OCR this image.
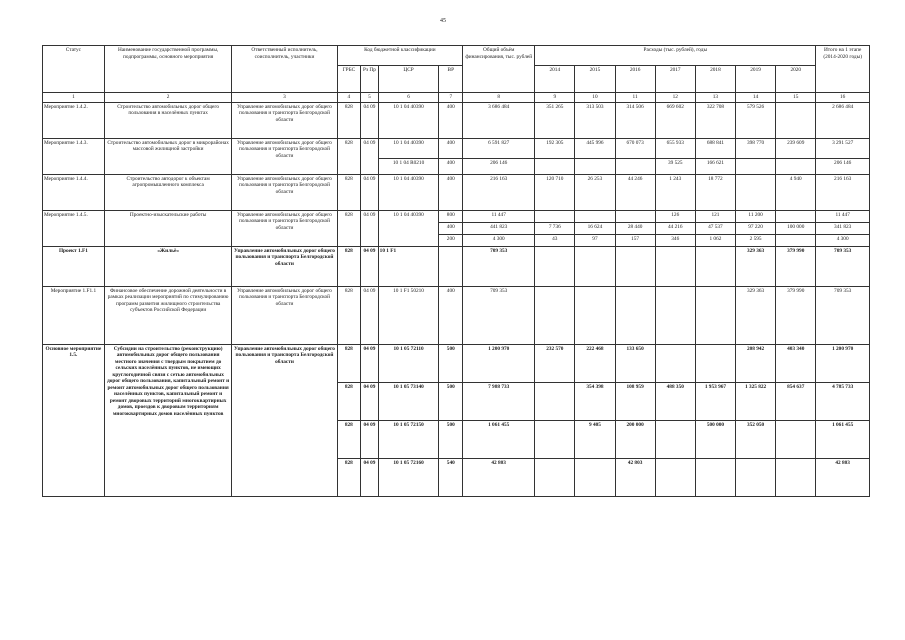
45
Статус	Наименование государственной программы, подпрограммы, основного мероприятия	Ответственный исполнитель, соисполнитель, участники	Код бюджетной классификации				Общий объём финансирования, тыс. рублей	Расходы (тыс. рублей), годы							Итого на 1 этапе (2014-2020 годы)
			ГРБС	Рз Пр	ЦСР	ВР		2014	2015	2016	2017	2018	2019	2020	
1	2	3	4	5	6	7	8	9	10	11	12	13	14	15	16
Мероприятие 1.4.2.	Строительство автомобильных дорог общего пользования в населённых пунктах	Управление автомобильных дорог общего пользования и транспорта Белгородской области	828	04 09	10 1 04 40390	400	3 686 484	351 265	313 503	314 506	669 602	322 708	579 526		2 686 484
Мероприятие 1.4.3.	Строительство автомобильных дорог в микрорайонах массовой жилищной застройки	Управление автомобильных дорог общего пользования и транспорта Белгородской области	828	04 09	10 1 04 40390	400	6 591 827	192 305	445 996	670 073	655 933	688 841	398 770	239 609	3 291 527
					10 1 04 R0210	400	206 146				39 525	166 621			206 146
Мероприятие 1.4.4.	Строительство автодорог к объектам агропромышленного комплекса	Управление автомобильных дорог общего пользования и транспорта Белгородской области	828	04 09	10 1 04 40390	400	216 163	120 710	26 253	44 246	1 243	18 772		4 940	216 163
Мероприятие 1.4.5.	Проектно-изыскательские работы	Управление автомобильных дорог общего пользования и транспорта Белгородской области	828	04 09	10 1 04 40390	800	11 447				126	121	11 200		11 447
						400	441 823	7 736	16 624	28 440	44 216	47 537	97 220	100 000	341 823
						200	4 300	43	97	157	346	1 062	2 595		4 300
Проект 1.F1	«Жильё»	Управление автомобильных дорог общего пользования и транспорта Белгородской области	828	04 09	10 1 F1		709 353						329 363	379 990	709 353
Мероприятие 1.F1.1	Финансовое обеспечение дорожной деятельности в рамках реализации мероприятий по стимулированию программ развития жилищного строительства субъектов Российской Федерации	Управление автомобильных дорог общего пользования и транспорта Белгородской области	828	04 09	10 1 F1 50210	400	709 353						329 363	379 990	709 353
Основное мероприятие 1.5.	Субсидии на строительство (реконструкцию) автомобильных дорог общего пользования местного значения с твердым покрытием до сельских населённых пунктов, не имеющих круглогодичной связи с сетью автомобильных дорог общего пользования, капитальный ремонт и ремонт автомобильных дорог общего пользования населённых пунктов, капитальный ремонт и ремонт дворовых территорий многоквартирных домов, проездов к дворовым территориям многоквартирных домов населённых пунктов	Управление автомобильных дорог общего пользования и транспорта Белгородской области	828	04 09	10 1 05 72110	500	1 200 970	232 570	222 468	133 650			208 942	403 340	1 200 970
			828	04 09	10 1 05 73140	500	7 988 733		354 398	108 959	488 350	1 953 967	1 325 822	854 637	4 785 733
			828	04 09	10 1 05 72150	500	1 061 455		9 405	200 000		500 000	352 050		1 061 455
			828	04 09	10 1 05 72160	540	42 803			42 803					42 803
